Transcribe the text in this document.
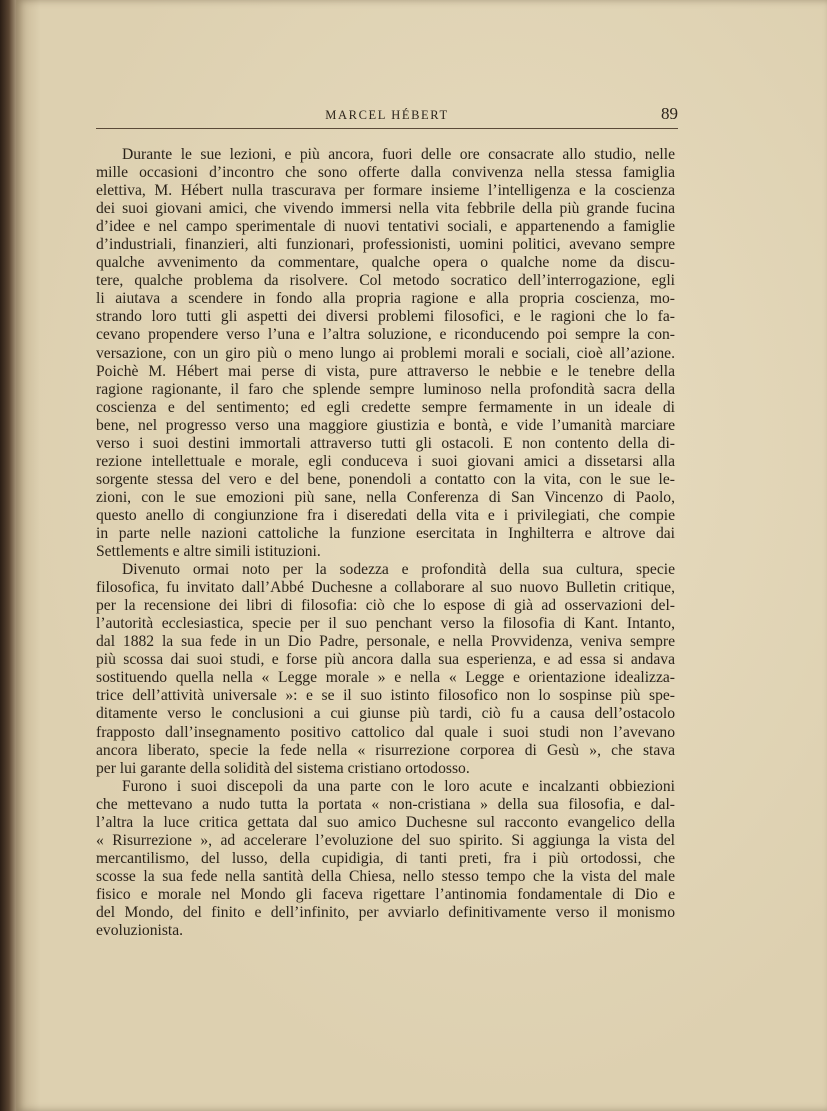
MARCEL HÉBERT	89

Durante le sue lezioni, e più ancora, fuori delle ore consacrate allo studio, nelle
mille occasioni d’incontro che sono offerte dalla convivenza nella stessa famiglia
elettiva, M. Hébert nulla trascurava per formare insieme l’intelligenza e la coscienza
dei suoi giovani amici, che vivendo immersi nella vita febbrile della più grande fucina
d’idee e nel campo sperimentale di nuovi tentativi sociali, e appartenendo a famiglie
d’industriali, finanzieri, alti funzionari, professionisti, uomini politici, avevano sempre
qualche avvenimento da commentare, qualche opera o qualche nome da discu-
tere, qualche problema da risolvere. Col metodo socratico dell’interrogazione, egli
li aiutava a scendere in fondo alla propria ragione e alla propria coscienza, mo-
strando loro tutti gli aspetti dei diversi problemi filosofici, e le ragioni che lo fa-
cevano propendere verso l’una e l’altra soluzione, e riconducendo poi sempre la con-
versazione, con un giro più o meno lungo ai problemi morali e sociali, cioè all’azione.
Poichè M. Hébert mai perse di vista, pure attraverso le nebbie e le tenebre della
ragione ragionante, il faro che splende sempre luminoso nella profondità sacra della
coscienza e del sentimento; ed egli credette sempre fermamente in un ideale di
bene, nel progresso verso una maggiore giustizia e bontà, e vide l’umanità marciare
verso i suoi destini immortali attraverso tutti gli ostacoli. E non contento della di-
rezione intellettuale e morale, egli conduceva i suoi giovani amici a dissetarsi alla
sorgente stessa del vero e del bene, ponendoli a contatto con la vita, con le sue le-
zioni, con le sue emozioni più sane, nella Conferenza di San Vincenzo di Paolo,
questo anello di congiunzione fra i diseredati della vita e i privilegiati, che compie
in parte nelle nazioni cattoliche la funzione esercitata in Inghilterra e altrove dai
Settlements e altre simili istituzioni.

Divenuto ormai noto per la sodezza e profondità della sua cultura, specie
filosofica, fu invitato dall’Abbé Duchesne a collaborare al suo nuovo Bulletin critique,
per la recensione dei libri di filosofia: ciò che lo espose di già ad osservazioni del-
l’autorità ecclesiastica, specie per il suo penchant verso la filosofia di Kant. Intanto,
dal 1882 la sua fede in un Dio Padre, personale, e nella Provvidenza, veniva sempre
più scossa dai suoi studi, e forse più ancora dalla sua esperienza, e ad essa si andava
sostituendo quella nella « Legge morale » e nella « Legge e orientazione idealizza-
trice dell’attività universale »: e se il suo istinto filosofico non lo sospinse più spe-
ditamente verso le conclusioni a cui giunse più tardi, ciò fu a causa dell’ostacolo
frapposto dall’insegnamento positivo cattolico dal quale i suoi studi non l’avevano
ancora liberato, specie la fede nella « risurrezione corporea di Gesù », che stava
per lui garante della solidità del sistema cristiano ortodosso.

Furono i suoi discepoli da una parte con le loro acute e incalzanti obbiezioni
che mettevano a nudo tutta la portata « non-cristiana » della sua filosofia, e dal-
l’altra la luce critica gettata dal suo amico Duchesne sul racconto evangelico della
« Risurrezione », ad accelerare l’evoluzione del suo spirito. Si aggiunga la vista del
mercantilismo, del lusso, della cupidigia, di tanti preti, fra i più ortodossi, che
scosse la sua fede nella santità della Chiesa, nello stesso tempo che la vista del male
fisico e morale nel Mondo gli faceva rigettare l’antinomia fondamentale di Dio e
del Mondo, del finito e dell’infinito, per avviarlo definitivamente verso il monismo
evoluzionista.
